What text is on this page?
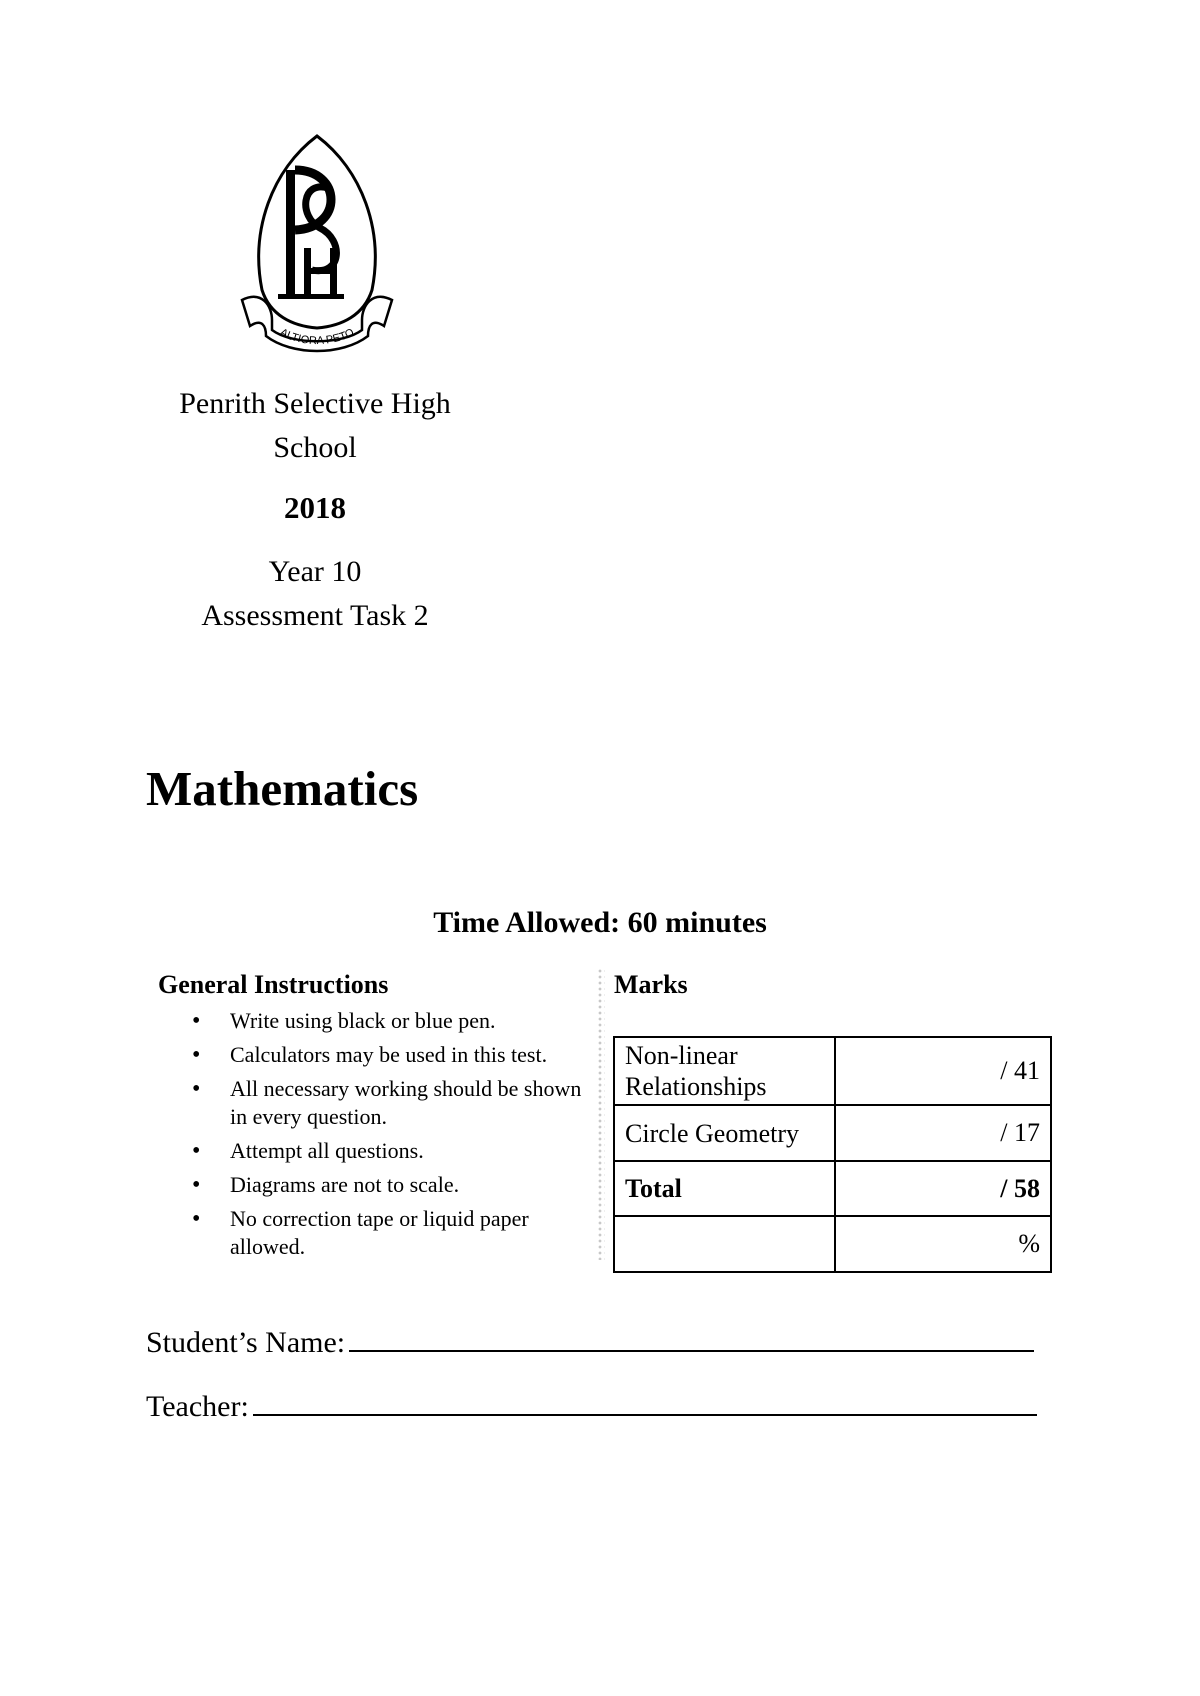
ALTIORA PETO
Penrith Selective High School
2018
Year 10
Assessment Task 2
Mathematics
Time Allowed: 60 minutes
General Instructions
• Write using black or blue pen.
• Calculators may be used in this test.
• All necessary working should be shown in every question.
• Attempt all questions.
• Diagrams are not to scale.
• No correction tape or liquid paper allowed.
Marks
Non-linear Relationships	/ 41
Circle Geometry	/ 17
Total	/ 58
	%
Student’s Name:
Teacher:
